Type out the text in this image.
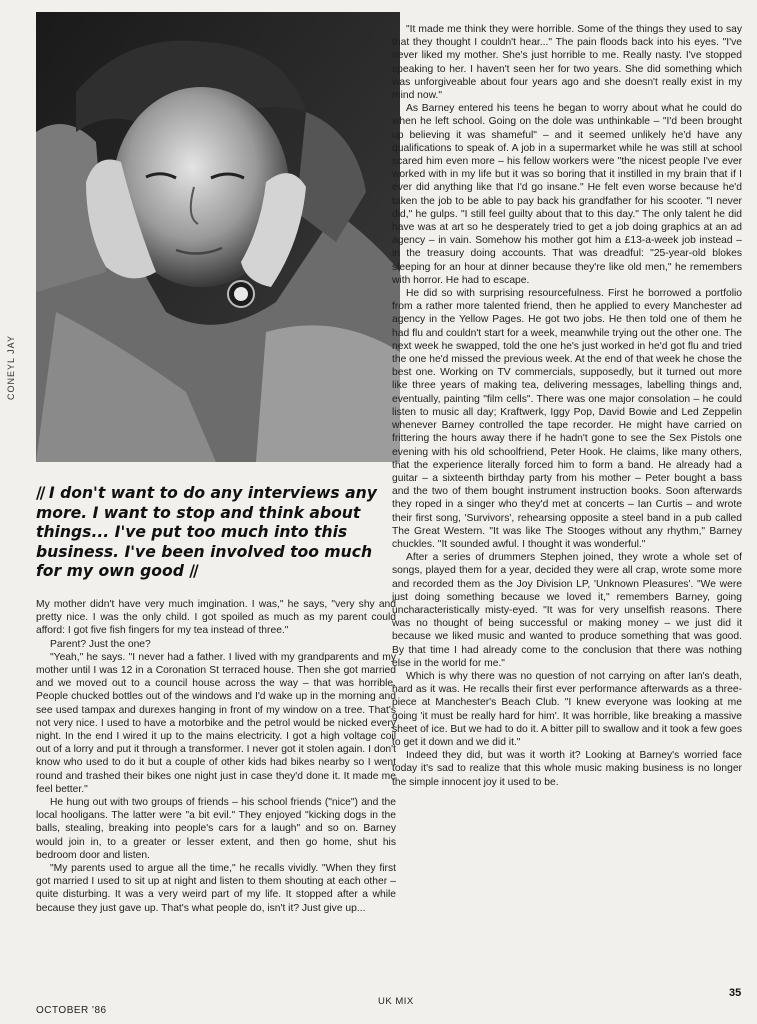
CONEYL JAY
// I don't want to do any interviews any more. I want to stop and think about things... I've put too much into this business. I've been involved too much for my own good //

My mother didn't have very much imgination. I was," he says, "very shy and pretty nice. I was the only child. I got spoiled as much as my parent could afford: I got five fish fingers for my tea instead of three."

Parent? Just the one?

"Yeah," he says. "I never had a father. I lived with my grandparents and my mother until I was 12 in a Coronation St terraced house. Then she got married and we moved out to a council house across the way – that was horrible. People chucked bottles out of the windows and I'd wake up in the morning and see used tampax and durexes hanging in front of my window on a tree. That's not very nice. I used to have a motorbike and the petrol would be nicked every night. In the end I wired it up to the mains electricity. I got a high voltage coil out of a lorry and put it through a transformer. I never got it stolen again. I don't know who used to do it but a couple of other kids had bikes nearby so I went round and trashed their bikes one night just in case they'd done it. It made me feel better."

He hung out with two groups of friends – his school friends ("nice") and the local hooligans. The latter were "a bit evil." They enjoyed "kicking dogs in the balls, stealing, breaking into people's cars for a laugh" and so on. Barney would join in, to a greater or lesser extent, and then go home, shut his bedroom door and listen.

"My parents used to argue all the time," he recalls vividly. "When they first got married I used to sit up at night and listen to them shouting at each other – quite disturbing. It was a very weird part of my life. It stopped after a while because they just gave up. That's what people do, isn't it? Just give up...

"It made me think they were horrible. Some of the things they used to say that they thought I couldn't hear..." The pain floods back into his eyes. "I've never liked my mother. She's just horrible to me. Really nasty. I've stopped speaking to her. I haven't seen her for two years. She did something which was unforgiveable about four years ago and she doesn't really exist in my mind now."

As Barney entered his teens he began to worry about what he could do when he left school. Going on the dole was unthinkable – "I'd been brought up believing it was shameful" – and it seemed unlikely he'd have any qualifications to speak of. A job in a supermarket while he was still at school scared him even more – his fellow workers were "the nicest people I've ever worked with in my life but it was so boring that it instilled in my brain that if I ever did anything like that I'd go insane." He felt even worse because he'd taken the job to be able to pay back his grandfather for his scooter. "I never did," he gulps. "I still feel guilty about that to this day." The only talent he did have was at art so he desperately tried to get a job doing graphics at an ad agency – in vain. Somehow his mother got him a £13-a-week job instead – in the treasury doing accounts. That was dreadful: "25-year-old blokes sleeping for an hour at dinner because they're like old men," he remembers with horror. He had to escape.

He did so with surprising resourcefulness. First he borrowed a portfolio from a rather more talented friend, then he applied to every Manchester ad agency in the Yellow Pages. He got two jobs. He then told one of them he had flu and couldn't start for a week, meanwhile trying out the other one. The next week he swapped, told the one he's just worked in he'd got flu and tried the one he'd missed the previous week. At the end of that week he chose the best one. Working on TV commercials, supposedly, but it turned out more like three years of making tea, delivering messages, labelling things and, eventually, painting "film cells". There was one major consolation – he could listen to music all day; Kraftwerk, Iggy Pop, David Bowie and Led Zeppelin whenever Barney controlled the tape recorder. He might have carried on frittering the hours away there if he hadn't gone to see the Sex Pistols one evening with his old schoolfriend, Peter Hook. He claims, like many others, that the experience literally forced him to form a band. He already had a guitar – a sixteenth birthday party from his mother – Peter bought a bass and the two of them bought instrument instruction books. Soon afterwards they roped in a singer who they'd met at concerts – Ian Curtis – and wrote their first song, 'Survivors', rehearsing opposite a steel band in a pub called The Great Western. "It was like The Stooges without any rhythm," Barney chuckles. "It sounded awful. I thought it was wonderful."

After a series of drummers Stephen joined, they wrote a whole set of songs, played them for a year, decided they were all crap, wrote some more and recorded them as the Joy Division LP, 'Unknown Pleasures'. "We were just doing something because we loved it," remembers Barney, going uncharacteristically misty-eyed. "It was for very unselfish reasons. There was no thought of being successful or making money – we just did it because we liked music and wanted to produce something that was good. By that time I had already come to the conclusion that there was nothing else in the world for me."

Which is why there was no question of not carrying on after Ian's death, hard as it was. He recalls their first ever performance afterwards as a three-piece at Manchester's Beach Club. "I knew everyone was looking at me going 'it must be really hard for him'. It was horrible, like breaking a massive sheet of ice. But we had to do it. A bitter pill to swallow and it took a few goes to get it down and we did it."

Indeed they did, but was it worth it? Looking at Barney's worried face today it's sad to realize that this whole music making business is no longer the simple innocent joy it used to be.

OCTOBER '86
UK MIX
35
